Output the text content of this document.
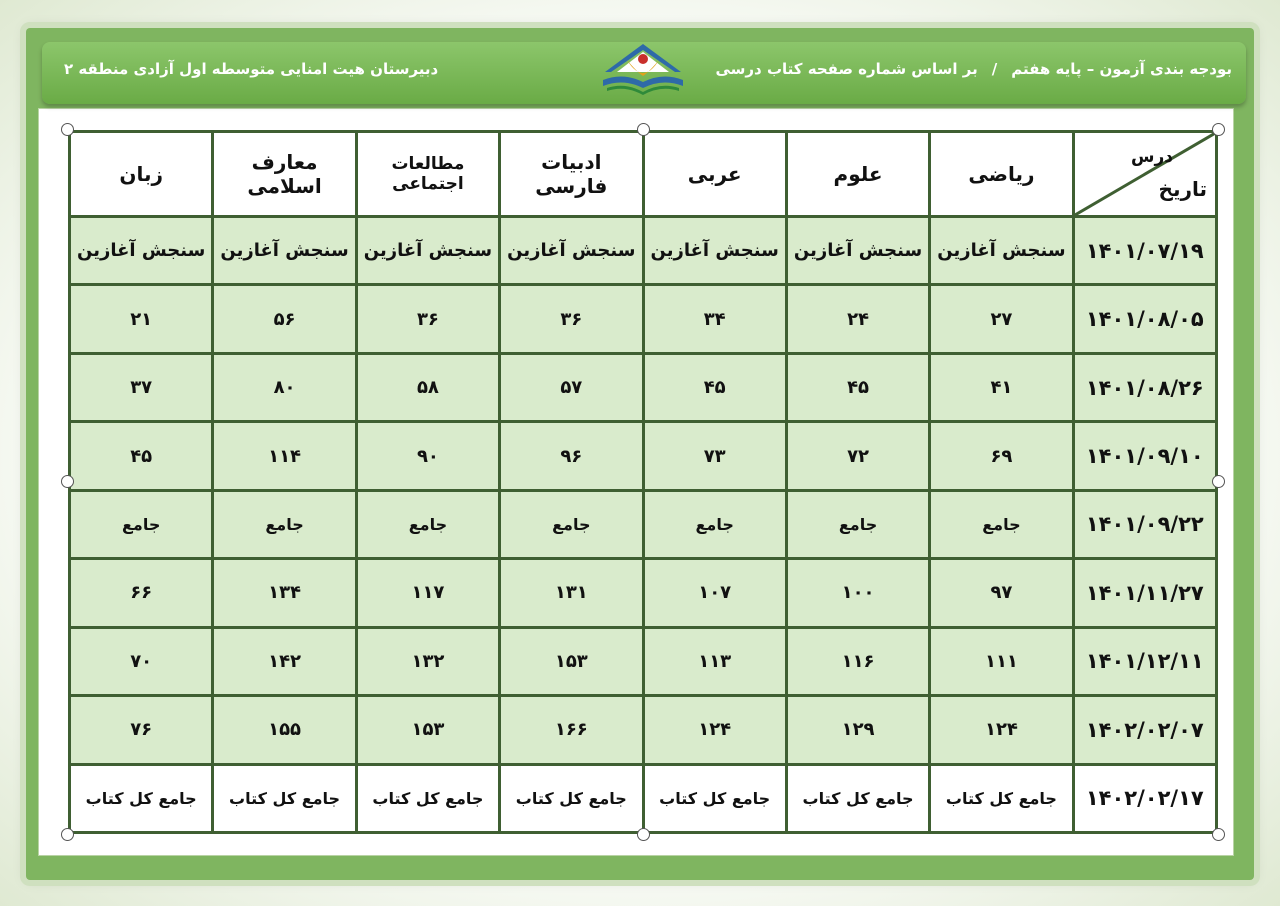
بودجه بندی آزمون – پایه هفتم/بر اساس شماره صفحه کتاب درسی
دبیرستان هیت امنایی متوسطه اول آزادی منطقه ۲
درس
تاریخ	ریاضی	علوم	عربی	ادبیات فارسی	مطالعات اجتماعی	معارف اسلامی	زبان
۱۴۰۱/۰۷/۱۹	سنجش آغازین	سنجش آغازین	سنجش آغازین	سنجش آغازین	سنجش آغازین	سنجش آغازین	سنجش آغازین
۱۴۰۱/۰۸/۰۵	۲۷	۲۴	۳۴	۳۶	۳۶	۵۶	۲۱
۱۴۰۱/۰۸/۲۶	۴۱	۴۵	۴۵	۵۷	۵۸	۸۰	۳۷
۱۴۰۱/۰۹/۱۰	۶۹	۷۲	۷۳	۹۶	۹۰	۱۱۴	۴۵
۱۴۰۱/۰۹/۲۲	جامع	جامع	جامع	جامع	جامع	جامع	جامع
۱۴۰۱/۱۱/۲۷	۹۷	۱۰۰	۱۰۷	۱۳۱	۱۱۷	۱۳۴	۶۶
۱۴۰۱/۱۲/۱۱	۱۱۱	۱۱۶	۱۱۳	۱۵۳	۱۳۲	۱۴۲	۷۰
۱۴۰۲/۰۲/۰۷	۱۲۴	۱۲۹	۱۲۴	۱۶۶	۱۵۳	۱۵۵	۷۶
۱۴۰۲/۰۲/۱۷	جامع کل کتاب	جامع کل کتاب	جامع کل کتاب	جامع کل کتاب	جامع کل کتاب	جامع کل کتاب	جامع کل کتاب
